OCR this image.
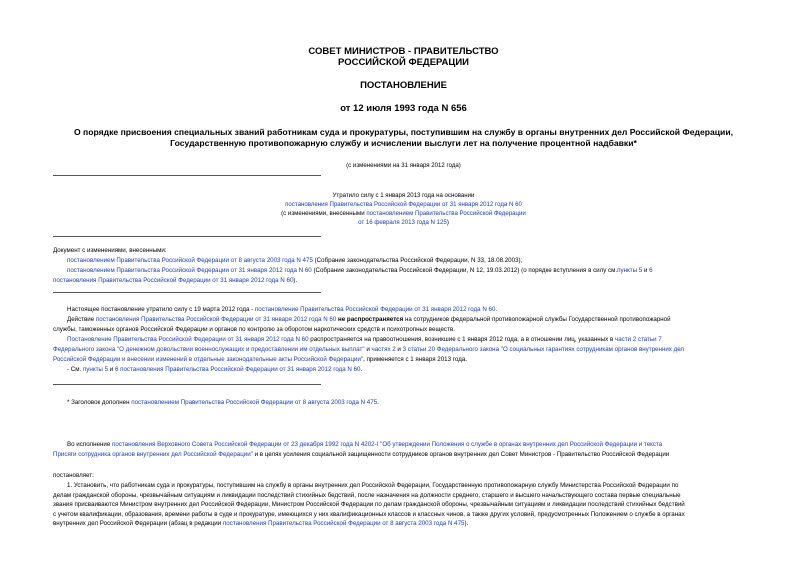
СОВЕТ МИНИСТРОВ - ПРАВИТЕЛЬСТВО
РОССИЙСКОЙ ФЕДЕРАЦИИ
ПОСТАНОВЛЕНИЕ
от 12 июля 1993 года N 656
О порядке присвоения специальных званий работникам суда и прокуратуры, поступившим на службу в органы внутренних дел Российской Федерации,
Государственную противопожарную службу и исчислении выслуги лет на получение процентной надбавки*
(с изменениями на 31 января 2012 года)
Утратило силу с 1 января 2013 года на основании
постановления Правительства Российской Федерации от 31 января 2012 года N 60
(с изменениями, внесенными постановлением Правительства Российской Федерации
от 16 февраля 2013 года N 125)

Документ с изменениями, внесенными:

постановлением Правительства Российской Федерации от 8 августа 2003 года N 475 (Собрание законодательства Российской Федерации, N 33, 18.08.2003);

постановлением Правительства Российской Федерации от 31 января 2012 года N 60 (Собрание законодательства Российской Федерации, N 12, 19.03.2012) (о порядке вступления в силу см.пункты 5 и 6

постановления Правительства Российской Федерации от 31 января 2012 года N 60).

Настоящее постановление утратило силу с 19 марта 2012 года - постановление Правительства Российской Федерации от 31 января 2012 года N 60.

Действие постановления Правительства Российской Федерации от 31 января 2012 года N 60 не распространяется на сотрудников федеральной противопожарной службы Государственной противопожарной

службы, таможенных органов Российской Федерации и органов по контролю за оборотом наркотических средств и психотропных веществ.

Постановление Правительства Российской Федерации от 31 января 2012 года N 60 распространяется на правоотношения, возникшие с 1 января 2012 года, а в отношении лиц, указанных в части 2 статьи 7

Федерального закона "О денежном довольствии военнослужащих и предоставлении им отдельных выплат" и частях 2 и 3 статьи 20 Федерального закона "О социальных гарантиях сотрудникам органов внутренних дел

Российской Федерации и внесении изменений в отдельные законодательные акты Российской Федерации", применяется с 1 января 2013 года.

- См. пункты 5 и 6 постановления Правительства Российской Федерации от 31 января 2012 года N 60.

* Заголовок дополнен постановлением Правительства Российской Федерации от 8 августа 2003 года N 475.

Во исполнение постановления Верховного Совета Российской Федерации от 23 декабря 1992 года N 4202-I "Об утверждении Положения о службе в органах внутренних дел Российской Федерации и текста

Присяги сотрудника органов внутренних дел Российской Федерации" и в целях усиления социальной защищенности сотрудников органов внутренних дел Совет Министров - Правительство Российской Федерации

постановляет:

1. Установить, что работникам суда и прокуратуры, поступившим на службу в органы внутренних дел Российской Федерации, Государственную противопожарную службу Министерства Российской Федерации по

делам гражданской обороны, чрезвычайным ситуациям и ликвидации последствий стихийных бедствий, после назначения на должности среднего, старшего и высшего начальствующего состава первые специальные

звания присваиваются Министром внутренних дел Российской Федерации, Министром Российской Федерации по делам гражданской обороны, чрезвычайным ситуациям и ликвидации последствий стихийных бедствий

с учетом квалификации, образования, времени работы в суде и прокуратуре, имеющихся у них квалификационных классов и классных чинов, а также других условий, предусмотренных Положением о службе в органах

внутренних дел Российской Федерации (абзац в редакции постановления Правительства Российской Федерации от 8 августа 2003 года N 475).
